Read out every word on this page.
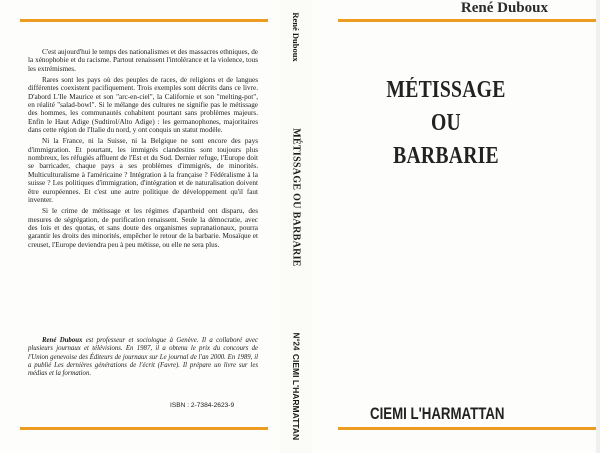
C'est aujourd'hui le temps des nationalismes et des massacres ethniques, de la xénophobie et du racisme. Partout renaissent l'intolérance et la violence, tous les extrémismes.

Rares sont les pays où des peuples de races, de religions et de langues différentes coexistent pacifiquement. Trois exemples sont décrits dans ce livre. D'abord L'Ile Maurice et son "arc-en-ciel", la Californie et son "melting-pot", en réalité "salad-bowl". Si le mélange des cultures ne signifie pas le métissage des hommes, les communautés cohabitent pourtant sans problèmes majeurs. Enfin le Haut Adige (Sudtirol/Alto Adige) : les germanophones, majoritaires dans cette région de l'Italie du nord, y ont conquis un statut modèle.

Ni la France, ni la Suisse, ni la Belgique ne sont encore des pays d'immigration. Et pourtant, les immigrés clandestins sont toujours plus nombreux, les réfugiés affluent de l'Est et du Sud. Dernier refuge, l'Europe doit se barricader, chaque pays a ses problèmes d'immigrés, de minorités. Multiculturalisme à l'américaine ? Intégration à la française ? Fédéralisme à la suisse ? Les politiques d'immigration, d'intégration et de naturalisation doivent être européennes. Et c'est une autre politique de développement qu'il faut inventer.

Si le crime de métissage et les régimes d'apartheid ont disparu, des mesures de ségrégation, de purification renaissent. Seule la démocratie, avec des lois et des quotas, et sans doute des organismes supranationaux, pourra garantir les droits des minorités, empêcher le retour de la barbarie. Mosaïque et creuset, l'Europe deviendra peu à peu métisse, ou elle ne sera plus.

René Duboux est professeur et sociologue à Genève. Il a collaboré avec plusieurs journaux et télévisions. En 1987, il a obtenu le prix du concours de l'Union genevoise des Éditeurs de journaux sur Le journal de l'an 2000. En 1989, il a publié Les dernières générations de l'écrit (Favre). Il prépare un livre sur les médias et la formation.

ISBN : 2-7384-2623-9
René Duboux
MÉTISSAGE OU BARBARIE
N°24
CIEMI L'HARMATTAN
René Duboux
MÉTISSAGE
OU
BARBARIE
CIEMI L'HARMATTAN
